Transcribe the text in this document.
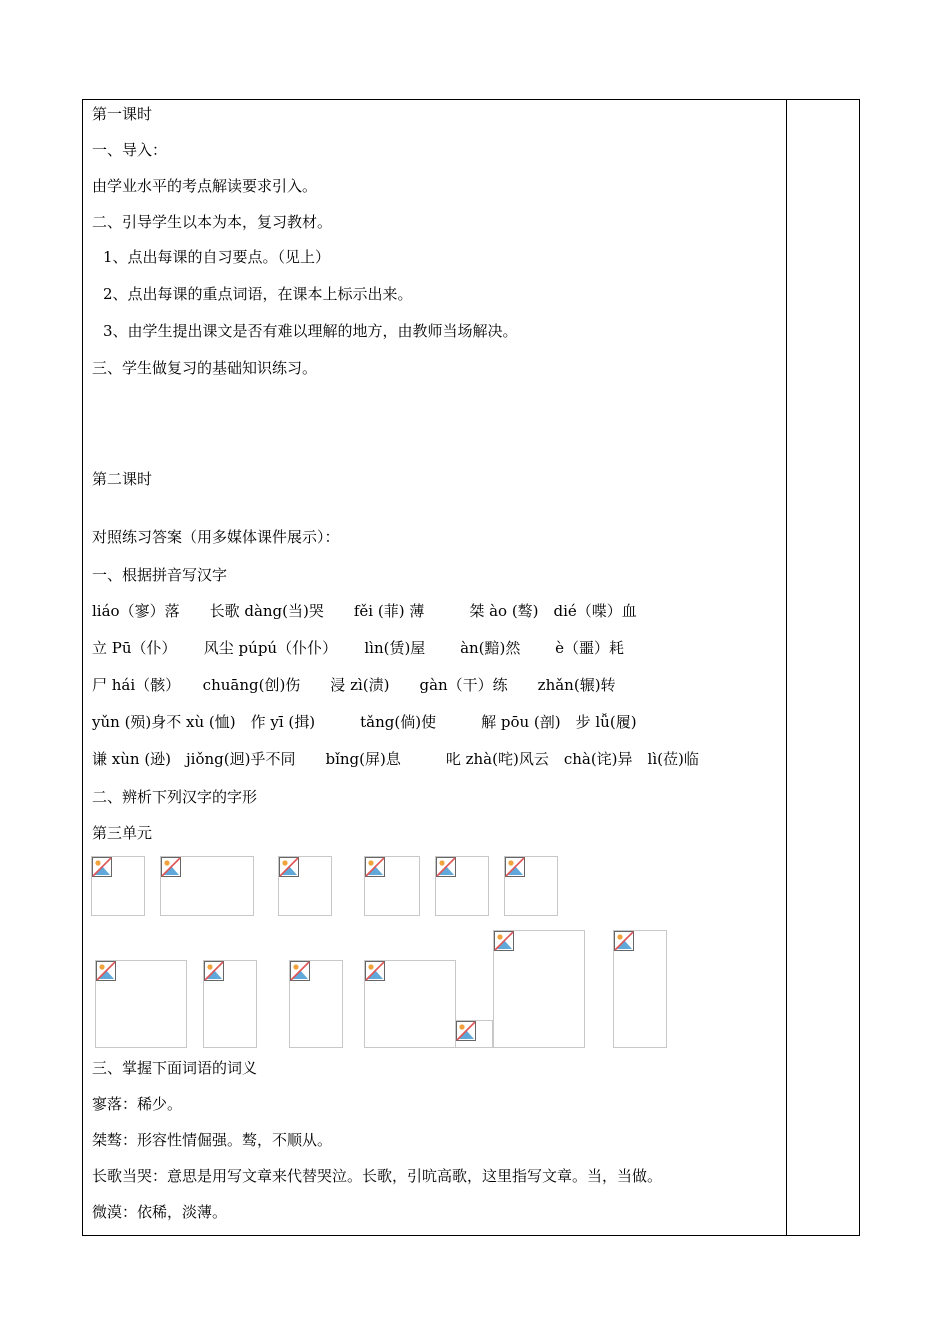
第一课时
一、导入：
由学业水平的考点解读要求引入。
二、引导学生以本为本，复习教材。
1、点出每课的自习要点。（见上）
2、点出每课的重点词语，在课本上标示出来。
3、由学生提出课文是否有难以理解的地方，由教师当场解决。
三、学生做复习的基础知识练习。
第二课时
对照练习答案（用多媒体课件展示）：
一、根据拼音写汉字
liáo（寥）落　　长歌 dàng(当)哭　　fěi (菲) 薄　　　桀 ào (骜)　dié（喋）血
立 Pū（仆）　　 风尘 púpú（仆仆）　　 lìn(赁)屋　　 àn(黯)然　　 è（噩）耗
尸 hái（骸）　　chuāng(创)伤　　浸 zì(渍)　　gàn（干）练　　zhǎn(辗)转
yǔn (殒)身不 xù (恤)　作 yī (揖)　　　tǎng(倘)使　　　解 pōu (剖)　步 lǚ(履)
谦 xùn (逊)　jiǒng(迥)乎不同　　bǐng(屏)息　　　叱 zhà(咤)风云　chà(诧)异　lì(莅)临
二、辨析下列汉字的字形
第三单元
三、掌握下面词语的词义
寥落：稀少。
桀骜：形容性情倔强。骜，不顺从。
长歌当哭：意思是用写文章来代替哭泣。长歌，引吭高歌，这里指写文章。当，当做。
微漠：依稀，淡薄。
